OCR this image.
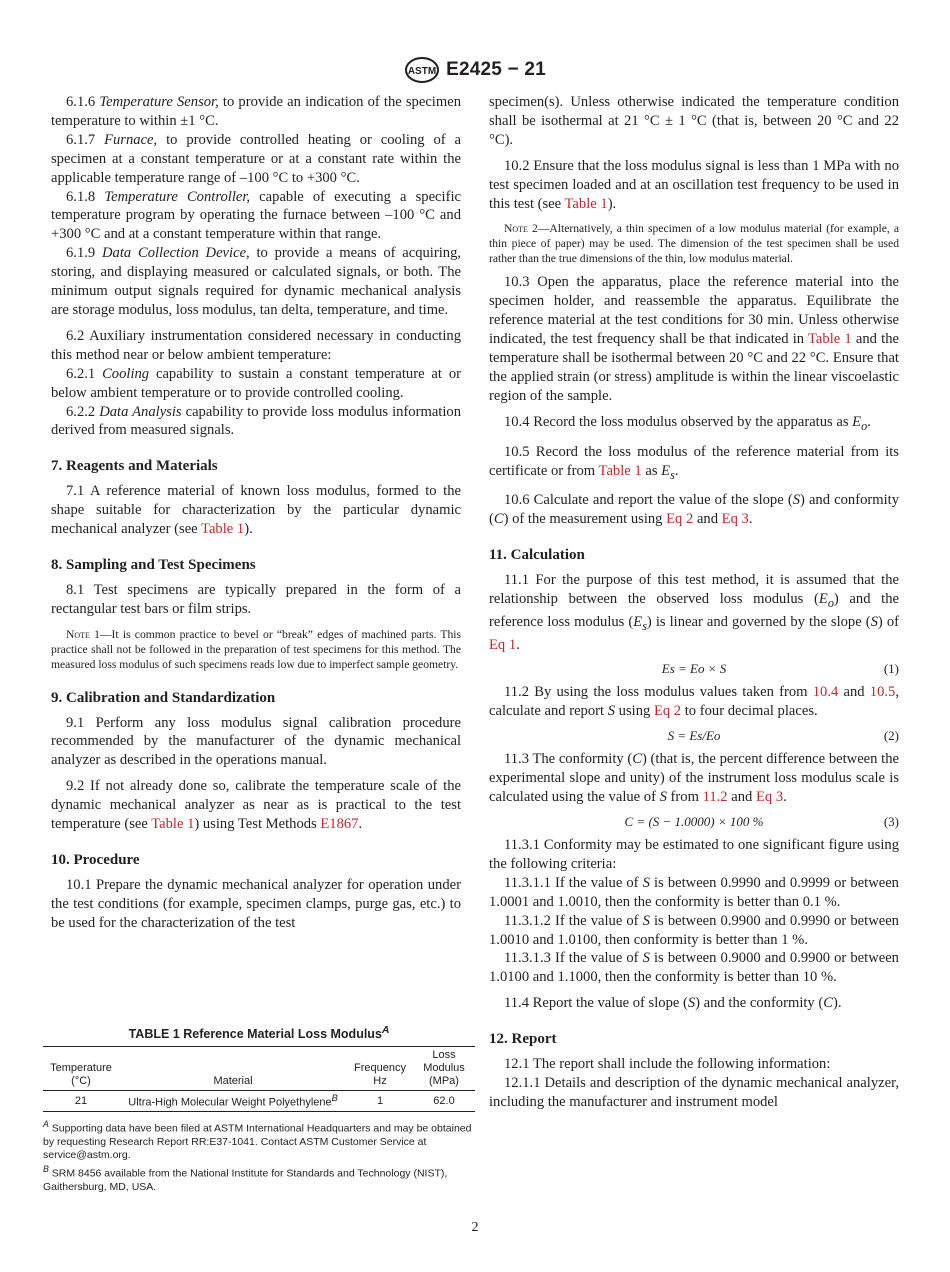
ASTM E2425 − 21

6.1.6 Temperature Sensor, to provide an indication of the specimen temperature to within ±1 °C.

6.1.7 Furnace, to provide controlled heating or cooling of a specimen at a constant temperature or at a constant rate within the applicable temperature range of –100 °C to +300 °C.

6.1.8 Temperature Controller, capable of executing a specific temperature program by operating the furnace between –100 °C and +300 °C and at a constant temperature within that range.

6.1.9 Data Collection Device, to provide a means of acquiring, storing, and displaying measured or calculated signals, or both. The minimum output signals required for dynamic mechanical analysis are storage modulus, loss modulus, tan delta, temperature, and time.

6.2 Auxiliary instrumentation considered necessary in conducting this method near or below ambient temperature:

6.2.1 Cooling capability to sustain a constant temperature at or below ambient temperature or to provide controlled cooling.

6.2.2 Data Analysis capability to provide loss modulus information derived from measured signals.

7. Reagents and Materials

7.1 A reference material of known loss modulus, formed to the shape suitable for characterization by the particular dynamic mechanical analyzer (see Table 1).

8. Sampling and Test Specimens

8.1 Test specimens are typically prepared in the form of a rectangular test bars or film strips.

Note 1—It is common practice to bevel or “break” edges of machined parts. This practice shall not be followed in the preparation of test specimens for this method. The measured loss modulus of such specimens reads low due to imperfect sample geometry.
9. Calibration and Standardization

9.1 Perform any loss modulus signal calibration procedure recommended by the manufacturer of the dynamic mechanical analyzer as described in the operations manual.

9.2 If not already done so, calibrate the temperature scale of the dynamic mechanical analyzer as near as is practical to the test temperature (see Table 1) using Test Methods E1867.

10. Procedure

10.1 Prepare the dynamic mechanical analyzer for operation under the test conditions (for example, specimen clamps, purge gas, etc.) to be used for the characterization of the test

TABLE 1 Reference Material Loss Modulus$^A$
Temperature (°C)	Material	Frequency Hz	Loss Modulus (MPa)
21	Ultra-High Molecular Weight Polyethylene$^B$	1	62.0
$^A$ Supporting data have been filed at ASTM International Headquarters and may be obtained by requesting Research Report RR:E37-1041. Contact ASTM Customer Service at service@astm.org.
$^B$ SRM 8456 available from the National Institute for Standards and Technology (NIST), Gaithersburg, MD, USA.

specimen(s). Unless otherwise indicated the temperature condition shall be isothermal at 21 °C ± 1 °C (that is, between 20 °C and 22 °C).

10.2 Ensure that the loss modulus signal is less than 1 MPa with no test specimen loaded and at an oscillation test frequency to be used in this test (see Table 1).

Note 2—Alternatively, a thin specimen of a low modulus material (for example, a thin piece of paper) may be used. The dimension of the test specimen shall be used rather than the true dimensions of the thin, low modulus material.

10.3 Open the apparatus, place the reference material into the specimen holder, and reassemble the apparatus. Equilibrate the reference material at the test conditions for 30 min. Unless otherwise indicated, the test frequency shall be that indicated in Table 1 and the temperature shall be isothermal between 20 °C and 22 °C. Ensure that the applied strain (or stress) amplitude is within the linear viscoelastic region of the sample.

10.4 Record the loss modulus observed by the apparatus as $E_o$.

10.5 Record the loss modulus of the reference material from its certificate or from Table 1 as $E_s$.

10.6 Calculate and report the value of the slope (S) and conformity (C) of the measurement using Eq 2 and Eq 3.

11. Calculation

11.1 For the purpose of this test method, it is assumed that the relationship between the observed loss modulus $(E_o)$ and the reference loss modulus $(E_s)$ is linear and governed by the slope (S) of Eq 1.

Es = Eo × S	(1)

11.2 By using the loss modulus values taken from 10.4 and 10.5, calculate and report S using Eq 2 to four decimal places.

S = Es/Eo	(2)

11.3 The conformity (C) (that is, the percent difference between the experimental slope and unity) of the instrument loss modulus scale is calculated using the value of S from 11.2 and Eq 3.

C = (S − 1.0000) × 100 %	(3)

11.3.1 Conformity may be estimated to one significant figure using the following criteria:

11.3.1.1 If the value of S is between 0.9990 and 0.9999 or between 1.0001 and 1.0010, then the conformity is better than 0.1 %.

11.3.1.2 If the value of S is between 0.9900 and 0.9990 or between 1.0010 and 1.0100, then conformity is better than 1 %.

11.3.1.3 If the value of S is between 0.9000 and 0.9900 or between 1.0100 and 1.1000, then the conformity is better than 10 %.

11.4 Report the value of slope (S) and the conformity (C).

12. Report

12.1 The report shall include the following information:

12.1.1 Details and description of the dynamic mechanical analyzer, including the manufacturer and instrument model

2
